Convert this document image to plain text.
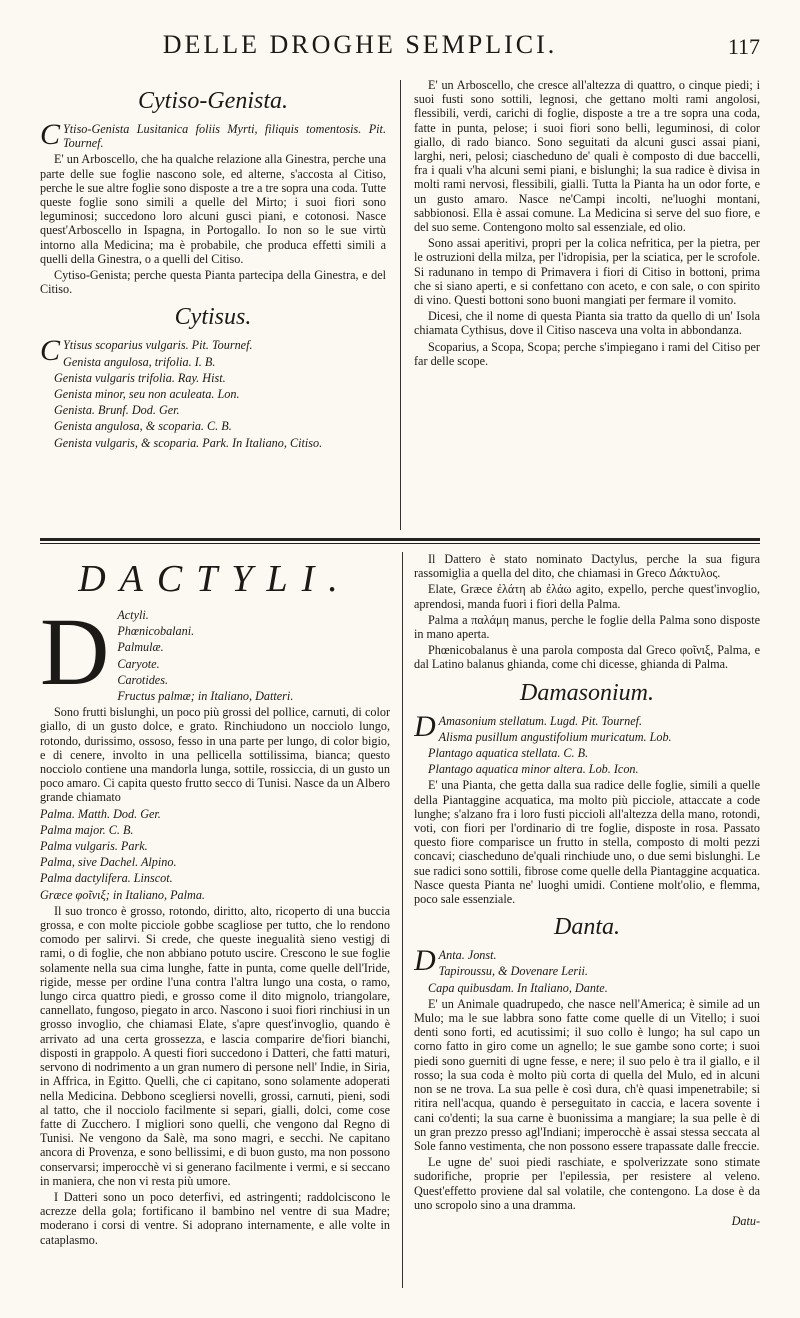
DELLE DROGHE SEMPLICI.	117
Cytiso-Genista.

C Ytiso-Genista Lusitanica foliis Myrti, filiquis tomentosis. Pit. Tournef.

E' un Arboscello, che ha qualche relazione alla Ginestra, perche una parte delle sue foglie nascono sole, ed alterne, s'accosta al Citiso, perche le sue altre foglie sono disposte a tre a tre sopra una coda. Tutte queste foglie sono simili a quelle del Mirto; i suoi fiori sono leguminosi; succedono loro alcuni gusci piani, e cotonosi. Nasce quest'Arboscello in Ispagna, in Portogallo. Io non so le sue virtù intorno alla Medicina; ma è probabile, che produca effetti simili a quelli della Ginestra, o a quelli del Citiso.

Cytiso-Genista; perche questa Pianta partecipa della Ginestra, e del Citiso.

Cytisus.

C Ytisus scoparius vulgaris. Pit. Tournef.

Genista angulosa, trifolia. I. B.

Genista vulgaris trifolia. Ray. Hist.

Genista minor, seu non aculeata. Lon.

Genista. Brunf. Dod. Ger.

Genista angulosa, & scoparia. C. B.

Genista vulgaris, & scoparia. Park. In Italiano, Citiso.

E' un Arboscello, che cresce all'altezza di quattro, o cinque piedi; i suoi fusti sono sottili, legnosi, che gettano molti rami angolosi, flessibili, verdi, carichi di foglie, disposte a tre a tre sopra una coda, fatte in punta, pelose; i suoi fiori sono belli, leguminosi, di color giallo, di rado bianco. Sono seguitati da alcuni gusci assai piani, larghi, neri, pelosi; ciascheduno de' quali è composto di due baccelli, fra i quali v'ha alcuni semi piani, e bislunghi; la sua radice è divisa in molti rami nervosi, flessibili, gialli. Tutta la Pianta ha un odor forte, e un gusto amaro. Nasce ne'Campi incolti, ne'luoghi montani, sabbionosi. Ella è assai comune. La Medicina si serve del suo fiore, e del suo seme. Contengono molto sal essenziale, ed olio.

Sono assai aperitivi, propri per la colica nefritica, per la pietra, per le ostruzioni della milza, per l'idropisia, per la sciatica, per le scrofole. Si radunano in tempo di Primavera i fiori di Citiso in bottoni, prima che si siano aperti, e si confettano con aceto, e con sale, o con spirito di vino. Questi bottoni sono buoni mangiati per fermare il vomito.

Dicesi, che il nome di questa Pianta sia tratto da quello di un' Isola chiamata Cythisus, dove il Citiso nasceva una volta in abbondanza.

Scoparius, a Scopa, Scopa; perche s'impiegano i rami del Citiso per far delle scope.

DACTYLI.
D Actyli.

Phœnicobalani.

Palmulæ.

Caryote.

Carotides.

Fructus palmæ; in Italiano, Datteri.

Sono frutti bislunghi, un poco più grossi del pollice, carnuti, di color giallo, di un gusto dolce, e grato. Rinchiudono un nocciolo lungo, rotondo, durissimo, ossoso, fesso in una parte per lungo, di color bigio, e di cenere, involto in una pellicella sottilissima, bianca; questo nocciolo contiene una mandorla lunga, sottile, rossiccia, di un gusto un poco amaro. Ci capita questo frutto secco di Tunisi. Nasce da un Albero grande chiamato

Palma. Matth. Dod. Ger.

Palma major. C. B.

Palma vulgaris. Park.

Palma, sive Dachel. Alpino.

Palma dactylifera. Linscot.

Græce φοῖνιξ; in Italiano, Palma.

Il suo tronco è grosso, rotondo, diritto, alto, ricoperto di una buccia grossa, e con molte picciole gobbe scagliose per tutto, che lo rendono comodo per salirvi. Si crede, che queste inegualità sieno vestigj di rami, o di foglie, che non abbiano potuto uscire. Crescono le sue foglie solamente nella sua cima lunghe, fatte in punta, come quelle dell'Iride, rigide, messe per ordine l'una contra l'altra lungo una costa, o ramo, lungo circa quattro piedi, e grosso come il dito mignolo, triangolare, cannellato, fungoso, piegato in arco. Nascono i suoi fiori rinchiusi in un grosso invoglio, che chiamasi Elate, s'apre quest'invoglio, quando è arrivato ad una certa grossezza, e lascia comparire de'fiori bianchi, disposti in grappolo. A questi fiori succedono i Datteri, che fatti maturi, servono di nodrimento a un gran numero di persone nell' Indie, in Siria, in Affrica, in Egitto. Quelli, che ci capitano, sono solamente adoperati nella Medicina. Debbono scegliersi novelli, grossi, carnuti, pieni, sodi al tatto, che il nocciolo facilmente si separi, gialli, dolci, come cose fatte di Zucchero. I migliori sono quelli, che vengono dal Regno di Tunisi. Ne vengono da Salè, ma sono magri, e secchi. Ne capitano ancora di Provenza, e sono bellissimi, e di buon gusto, ma non possono conservarsi; imperocchè vi si generano facilmente i vermi, e si seccano in maniera, che non vi resta più umore.

I Datteri sono un poco deterfivi, ed astringenti; raddolciscono le acrezze della gola; fortificano il bambino nel ventre di sua Madre; moderano i corsi di ventre. Si adoprano internamente, e alle volte in cataplasmo.

Il Dattero è stato nominato Dactylus, perche la sua figura rassomiglia a quella del dito, che chiamasi in Greco Δάκτυλος.

Elate, Græce ἐλάτη ab ἐλάω agito, expello, perche quest'invoglio, aprendosi, manda fuori i fiori della Palma.

Palma a παλάμη manus, perche le foglie della Palma sono disposte in mano aperta.

Phœnicobalanus è una parola composta dal Greco φοῖνιξ, Palma, e dal Latino balanus ghianda, come chi dicesse, ghianda di Palma.

Damasonium.

D Amasonium stellatum. Lugd. Pit. Tournef.

Alisma pusillum angustifolium muricatum. Lob.

Plantago aquatica stellata. C. B.

Plantago aquatica minor altera. Lob. Icon.

E' una Pianta, che getta dalla sua radice delle foglie, simili a quelle della Piantaggine acquatica, ma molto più picciole, attaccate a code lunghe; s'alzano fra i loro fusti piccioli all'altezza della mano, rotondi, voti, con fiori per l'ordinario di tre foglie, disposte in rosa. Passato questo fiore comparisce un frutto in stella, composto di molti pezzi concavi; ciascheduno de'quali rinchiude uno, o due semi bislunghi. Le sue radici sono sottili, fibrose come quelle della Piantaggine acquatica. Nasce questa Pianta ne' luoghi umidi. Contiene molt'olio, e flemma, poco sale essenziale.

Danta.

D Anta. Jonst.

Tapiroussu, & Dovenare Lerii.

Capa quibusdam. In Italiano, Dante.

E' un Animale quadrupedo, che nasce nell'America; è simile ad un Mulo; ma le sue labbra sono fatte come quelle di un Vitello; i suoi denti sono forti, ed acutissimi; il suo collo è lungo; ha sul capo un corno fatto in giro come un agnello; le sue gambe sono corte; i suoi piedi sono guerniti di ugne fesse, e nere; il suo pelo è tra il giallo, e il rosso; la sua coda è molto più corta di quella del Mulo, ed in alcuni non se ne trova. La sua pelle è così dura, ch'è quasi impenetrabile; si ritira nell'acqua, quando è perseguitato in caccia, e lacera sovente i cani co'denti; la sua carne è buonissima a mangiare; la sua pelle è di un gran prezzo presso agl'Indiani; imperocchè è assai stessa seccata al Sole fanno vestimenta, che non possono essere trapassate dalle freccie.

Le ugne de' suoi piedi raschiate, e spolverizzate sono stimate sudorifiche, proprie per l'epilessia, per resistere al veleno. Quest'effetto proviene dal sal volatile, che contengono. La dose è da uno scropolo sino a una dramma.

Datu-
